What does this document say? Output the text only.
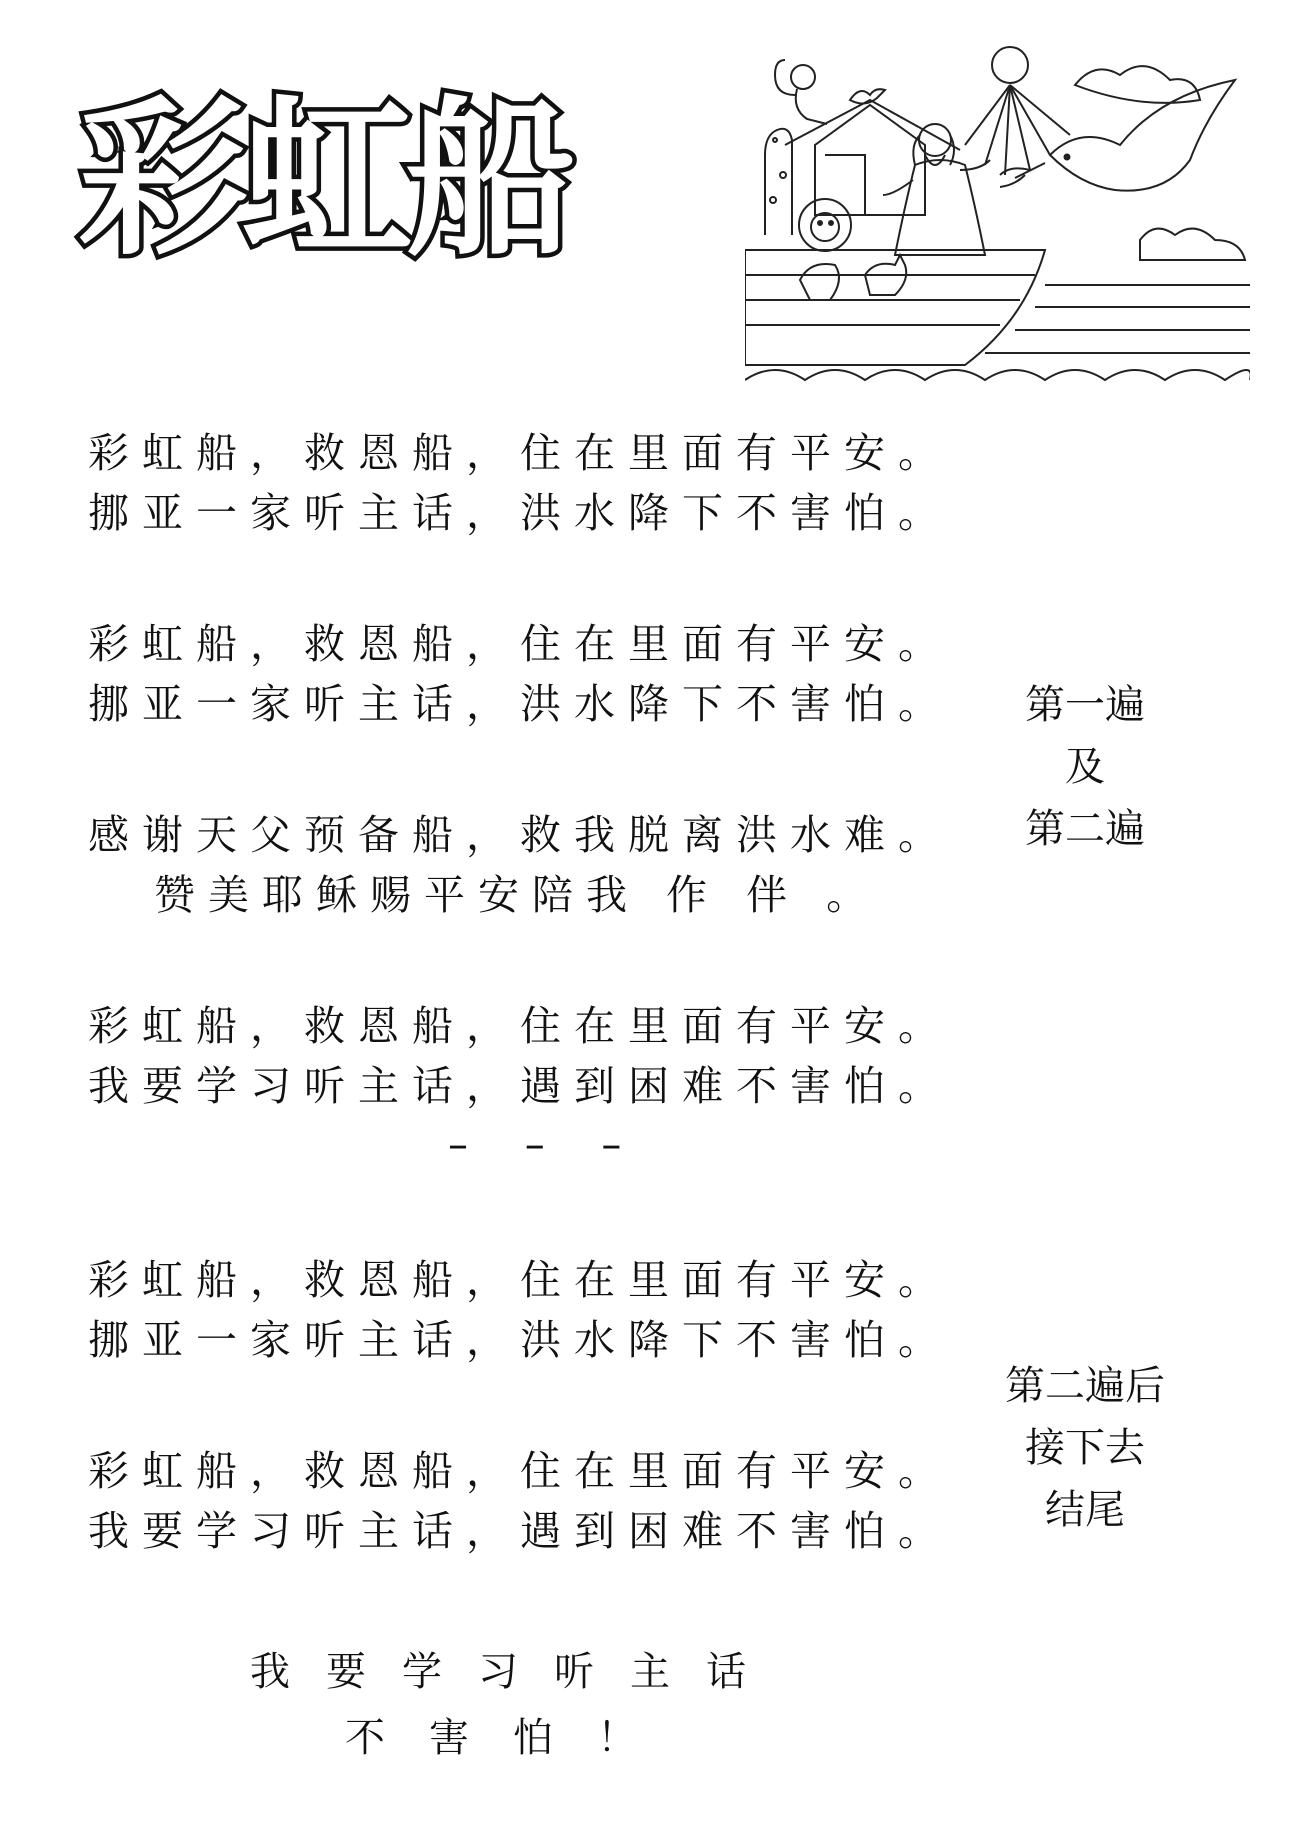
彩虹船
彩虹船，救恩船，住在里面有平安。
挪亚一家听主话，洪水降下不害怕。
彩虹船，救恩船，住在里面有平安。
挪亚一家听主话，洪水降下不害怕。
感谢天父预备船，救我脱离洪水难。
赞美耶稣赐平安陪我 作 伴 。
彩虹船，救恩船，住在里面有平安。
我要学习听主话，遇到困难不害怕。
– – –
彩虹船，救恩船，住在里面有平安。
挪亚一家听主话，洪水降下不害怕。
彩虹船，救恩船，住在里面有平安。
我要学习听主话，遇到困难不害怕。
我要学习听主话
不害怕！
第一遍
及
第二遍
第二遍后
接下去
结尾
